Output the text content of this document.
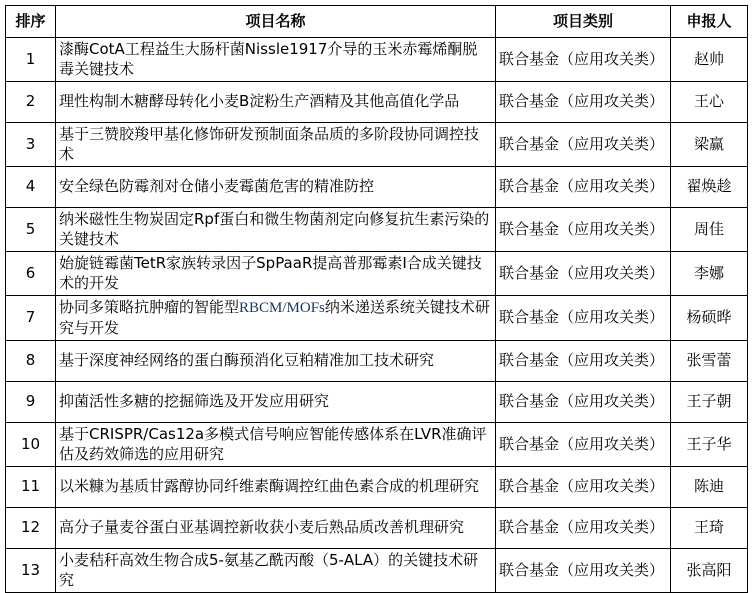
排序	项目名称	项目类别	申报人
1	漆酶CotA工程益生大肠杆菌Nissle1917介导的玉米赤霉烯酮脱毒关键技术	联合基金（应用攻关类）	赵帅
2	理性构制木糖酵母转化小麦B淀粉生产酒精及其他高值化学品	联合基金（应用攻关类）	王心
3	基于三赞胶羧甲基化修饰研发预制面条品质的多阶段协同调控技术	联合基金（应用攻关类）	梁赢
4	安全绿色防霉剂对仓储小麦霉菌危害的精准防控	联合基金（应用攻关类）	翟焕趁
5	纳米磁性生物炭固定Rpf蛋白和微生物菌剂定向修复抗生素污染的关键技术	联合基金（应用攻关类）	周佳
6	始旋链霉菌TetR家族转录因子SpPaaR提高普那霉素I合成关键技术的开发	联合基金（应用攻关类）	李娜
7	协同多策略抗肿瘤的智能型RBCM/MOFs纳米递送系统关键技术研究与开发	联合基金（应用攻关类）	杨硕晔
8	基于深度神经网络的蛋白酶预消化豆粕精准加工技术研究	联合基金（应用攻关类）	张雪蕾
9	抑菌活性多糖的挖掘筛选及开发应用研究	联合基金（应用攻关类）	王子朝
10	基于CRISPR/Cas12a多模式信号响应智能传感体系在LVR准确评估及药效筛选的应用研究	联合基金（应用攻关类）	王子华
11	以米糠为基质甘露醇协同纤维素酶调控红曲色素合成的机理研究	联合基金（应用攻关类）	陈迪
12	高分子量麦谷蛋白亚基调控新收获小麦后熟品质改善机理研究	联合基金（应用攻关类）	王琦
13	小麦秸秆高效生物合成5-氨基乙酰丙酸（5-ALA）的关键技术研究	联合基金（应用攻关类）	张高阳
